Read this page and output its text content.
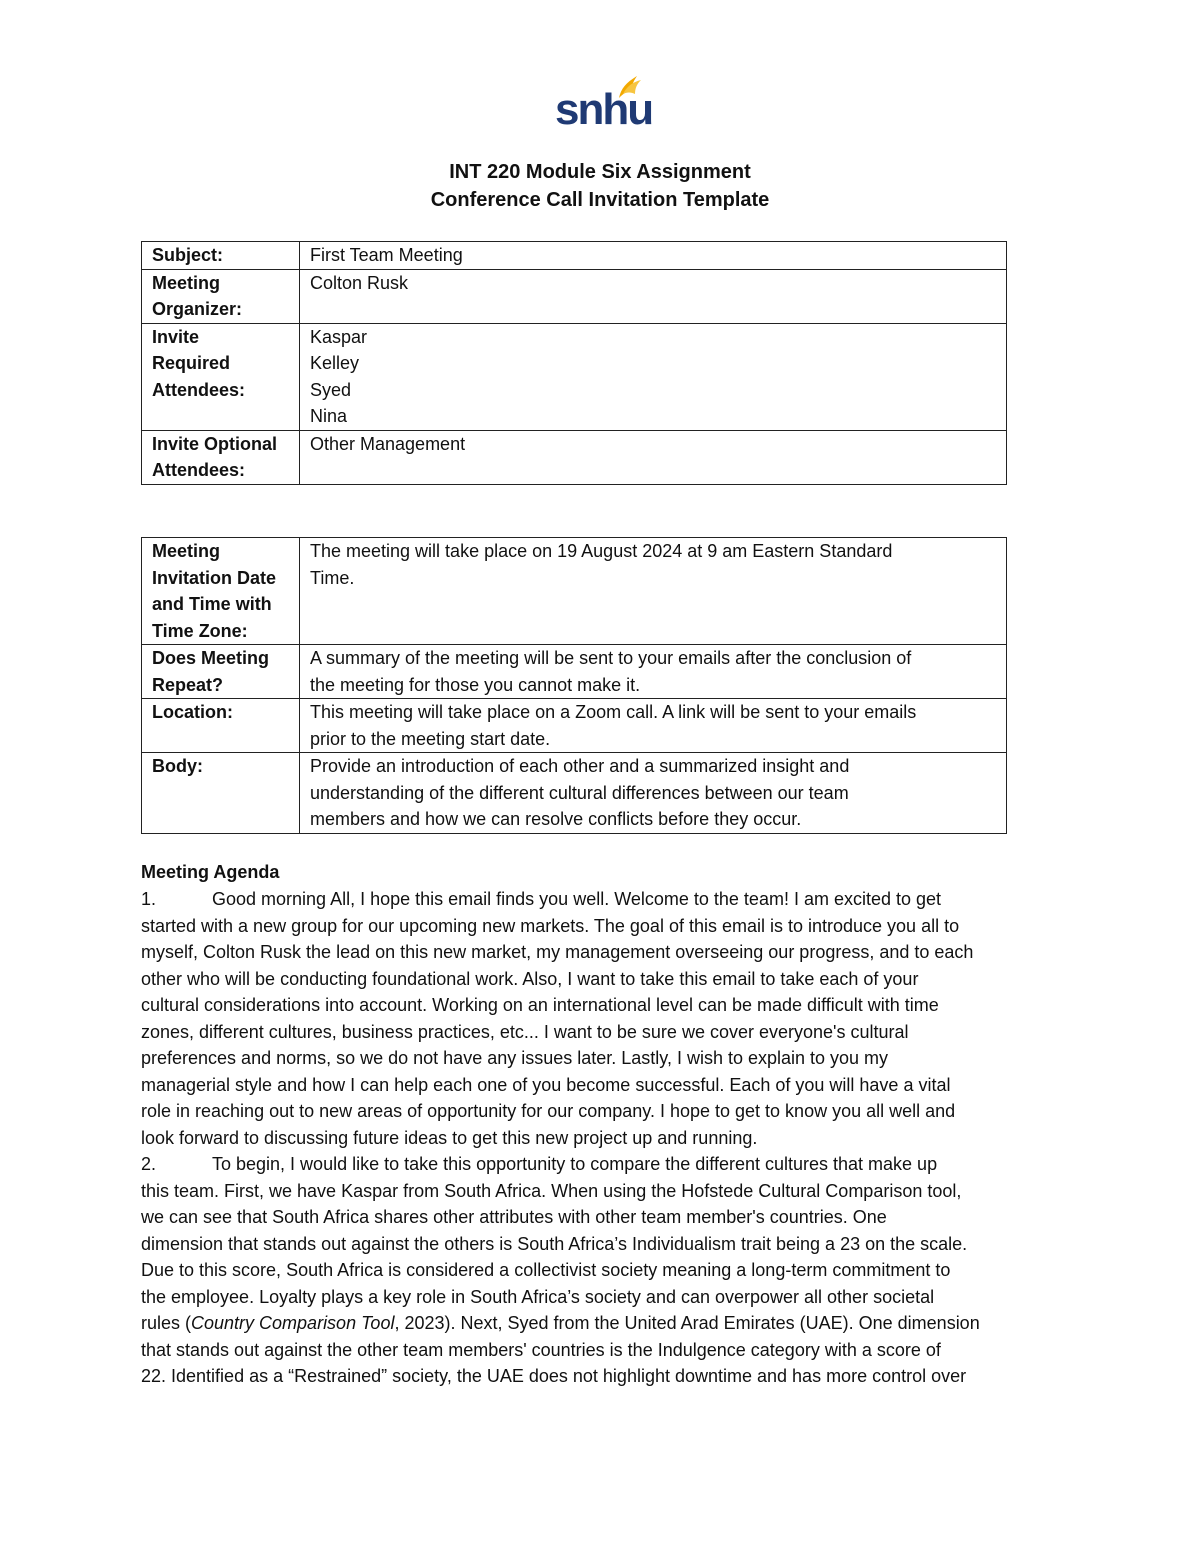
snhu
INT 220 Module Six Assignment
Conference Call Invitation Template
Subject:	First Team Meeting

Meeting
Organizer:	Colton Rusk

Invite
Required
Attendees:	Kaspar
Kelley
Syed
Nina

Invite Optional
Attendees:	Other Management
Meeting
Invitation Date
and Time with
Time Zone:	The meeting will take place on 19 August 2024 at 9 am Eastern Standard
Time.

Does Meeting
Repeat?	A summary of the meeting will be sent to your emails after the conclusion of
the meeting for those you cannot make it.

Location:	This meeting will take place on a Zoom call. A link will be sent to your emails
prior to the meeting start date.

Body:	Provide an introduction of each other and a summarized insight and
understanding of the different cultural differences between our team
members and how we can resolve conflicts before they occur.
Meeting Agenda

1.	Good morning All, I hope this email finds you well. Welcome to the team! I am excited to get
started with a new group for our upcoming new markets. The goal of this email is to introduce you all to
myself, Colton Rusk the lead on this new market, my management overseeing our progress, and to each
other who will be conducting foundational work. Also, I want to take this email to take each of your
cultural considerations into account. Working on an international level can be made difficult with time
zones, different cultures, business practices, etc... I want to be sure we cover everyone's cultural
preferences and norms, so we do not have any issues later. Lastly, I wish to explain to you my
managerial style and how I can help each one of you become successful. Each of you will have a vital
role in reaching out to new areas of opportunity for our company. I hope to get to know you all well and
look forward to discussing future ideas to get this new project up and running.

2.	To begin, I would like to take this opportunity to compare the different cultures that make up
this team. First, we have Kaspar from South Africa. When using the Hofstede Cultural Comparison tool,
we can see that South Africa shares other attributes with other team member's countries. One
dimension that stands out against the others is South Africa’s Individualism trait being a 23 on the scale.
Due to this score, South Africa is considered a collectivist society meaning a long-term commitment to
the employee. Loyalty plays a key role in South Africa’s society and can overpower all other societal
rules (Country Comparison Tool, 2023). Next, Syed from the United Arad Emirates (UAE). One dimension
that stands out against the other team members' countries is the Indulgence category with a score of
22. Identified as a “Restrained” society, the UAE does not highlight downtime and has more control over
